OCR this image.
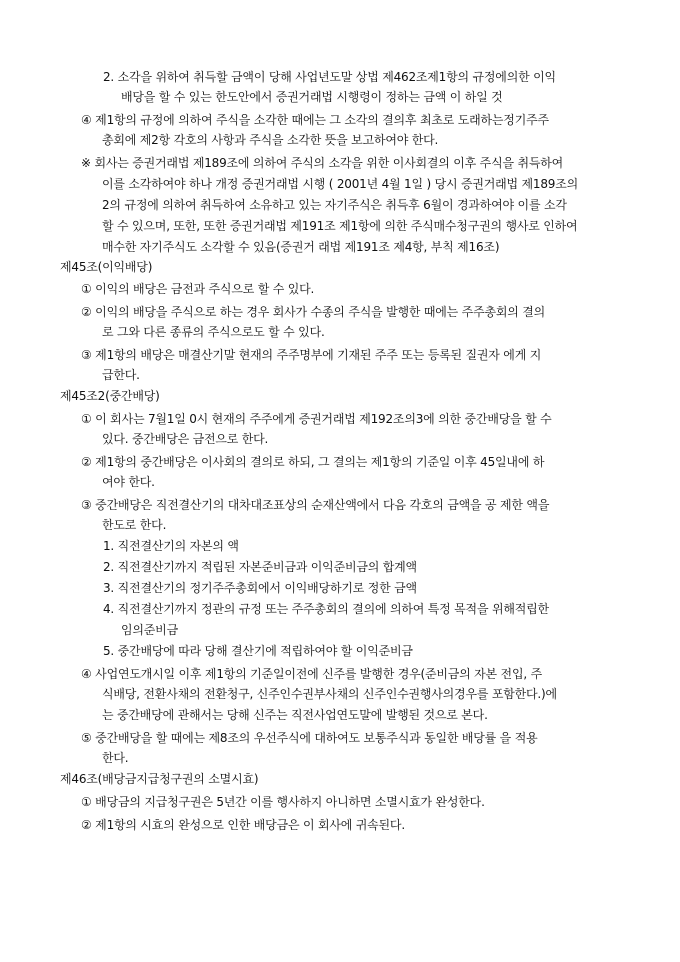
2. 소각을 위하여 취득할 금액이 당해 사업년도말 상법 제462조제1항의 규정에의한 이익
배당을 할 수 있는 한도안에서 증권거래법 시행령이 정하는 금액 이 하일 것
④ 제1항의 규정에 의하여 주식을 소각한 때에는 그 소각의 결의후 최초로 도래하는정기주주
총회에 제2항 각호의 사항과 주식을 소각한 뜻을 보고하여야 한다.
※ 회사는 증권거래법 제189조에 의하여 주식의 소각을 위한 이사회결의 이후 주식을 취득하여
이를 소각하여야 하나 개정 증권거래법 시행 ( 2001년 4월 1일 ) 당시 증권거래법 제189조의
2의 규정에 의하여 취득하여 소유하고 있는 자기주식은 취득후 6월이 경과하여야 이를 소각
할 수 있으며, 또한, 또한 증권거래법 제191조 제1항에 의한 주식매수청구권의 행사로 인하여
매수한 자기주식도 소각할 수 있음(증권거 래법 제191조 제4항, 부칙 제16조)
제45조(이익배당)
① 이익의 배당은 금전과 주식으로 할 수 있다.
② 이익의 배당을 주식으로 하는 경우 회사가 수종의 주식을 발행한 때에는 주주총회의 결의
로 그와 다른 종류의 주식으로도 할 수 있다.
③ 제1항의 배당은 매결산기말 현재의 주주명부에 기재된 주주 또는 등록된 질권자 에게 지
급한다.
제45조2(중간배당)
① 이 회사는 7월1일 0시 현재의 주주에게 증권거래법 제192조의3에 의한 중간배당을 할 수
있다. 중간배당은 금전으로 한다.
② 제1항의 중간배당은 이사회의 결의로 하되, 그 결의는 제1항의 기준일 이후 45일내에 하
여야 한다.
③ 중간배당은 직전결산기의 대차대조표상의 순재산액에서 다음 각호의 금액을 공 제한 액을
한도로 한다.
1. 직전결산기의 자본의 액
2. 직전결산기까지 적립된 자본준비금과 이익준비금의 합계액
3. 직전결산기의 정기주주총회에서 이익배당하기로 정한 금액
4. 직전결산기까지 정관의 규정 또는 주주총회의 결의에 의하여 특정 목적을 위해적립한
임의준비금
5. 중간배당에 따라 당해 결산기에 적립하여야 할 이익준비금
④ 사업연도개시일 이후 제1항의 기준일이전에 신주를 발행한 경우(준비금의 자본 전입, 주
식배당, 전환사채의 전환청구, 신주인수권부사채의 신주인수권행사의경우를 포함한다.)에
는 중간배당에 관해서는 당해 신주는 직전사업연도말에 발행된 것으로 본다.
⑤ 중간배당을 할 때에는 제8조의 우선주식에 대하여도 보통주식과 동일한 배당률 을 적용
한다.
제46조(배당금지급청구권의 소멸시효)
① 배당금의 지급청구권은 5년간 이를 행사하지 아니하면 소멸시효가 완성한다.
② 제1항의 시효의 완성으로 인한 배당금은 이 회사에 귀속된다.
